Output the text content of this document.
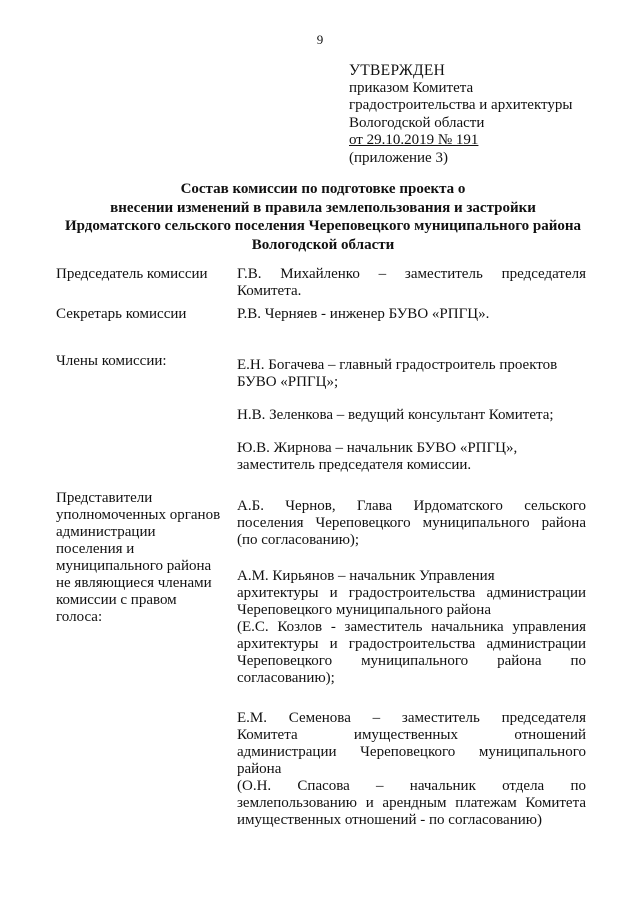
9
УТВЕРЖДЕН
приказом Комитета
градостроительства и архитектуры
Вологодской области
от 29.10.2019 № 191
(приложение 3)
Состав комиссии по подготовке проекта о
внесении изменений в правила землепользования и застройки
Ирдоматского сельского поселения Череповецкого муниципального района
Вологодской области
Председатель комиссии Г.В. Михайленко – заместитель председателя
Комитета.
Секретарь комиссии	Р.В. Черняев - инженер БУВО «РПГЦ».
Члены комиссии:	Е.Н. Богачева – главный градостроитель проектов
БУВО «РПГЦ»;
Н.В. Зеленкова – ведущий консультант Комитета;
Ю.В. Жирнова – начальник БУВО «РПГЦ»,
заместитель председателя комиссии.
Представители
уполномоченных органов
администрации
поселения и
муниципального района
не являющиеся членами
комиссии с правом
голоса:
А.Б. Чернов, Глава Ирдоматского сельского
поселения Череповецкого муниципального района
(по согласованию);
А.М. Кирьянов – начальник Управления
архитектуры и градостроительства администрации
Череповецкого муниципального района
(Е.С. Козлов - заместитель начальника управления
архитектуры и градостроительства администрации
Череповецкого муниципального района по
согласованию);
Е.М. Семенова – заместитель председателя
Комитета имущественных отношений
администрации Череповецкого муниципального
района
(О.Н. Спасова – начальник отдела по
землепользованию и арендным платежам Комитета
имущественных отношений - по согласованию)
